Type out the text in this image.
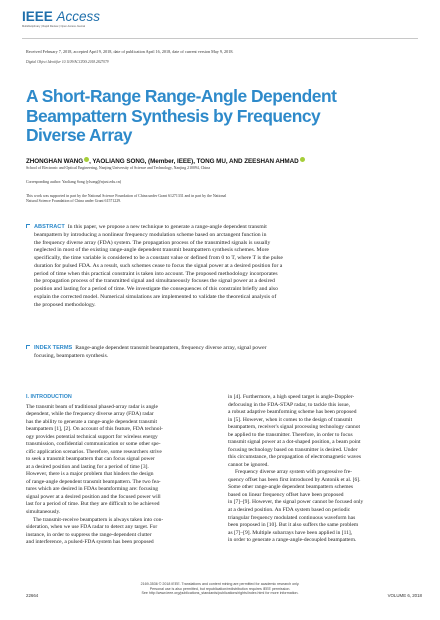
IEEE Access
Multidisciplinary | Rapid Review | Open Access Journal
Received February 7, 2018, accepted April 9, 2018, date of publication April 16, 2018, date of current version May 9, 2018.
Digital Object Identifier 10.1109/ACCESS.2018.2827079
A Short-Range Range-Angle Dependent
Beampattern Synthesis by Frequency
Diverse Array
ZHONGHAN WANG , YAOLIANG SONG, (Member, IEEE), TONG MU, AND ZEESHAN AHMAD
School of Electronic and Optical Engineering, Nanjing University of Science and Technology, Nanjing 210094, China
Corresponding author: Yaoliang Song (ylsong@njust.edu.cn)
This work was supported in part by the National Science Foundation of China under Grant 61271331 and in part by the National
Natural Science Foundation of China under Grant 61571229.
ABSTRACT In this paper, we propose a new technique to generate a range-angle dependent transmit
beampattern by introducing a nonlinear frequency modulation scheme based on arctangent function in
the frequency diverse array (FDA) system. The propagation process of the transmitted signals is usually
neglected in most of the existing range-angle dependent transmit beampattern synthesis schemes. More
specifically, the time variable is considered to be a constant value or defined from 0 to T, where T is the pulse
duration for pulsed FDA. As a result, such schemes cease to focus the signal power at a desired position for a
period of time when this practical constraint is taken into account. The proposed methodology incorporates
the propagation process of the transmitted signal and simultaneously focuses the signal power at a desired
position and lasting for a period of time. We investigate the consequences of this constraint briefly and also
explain the corrected model. Numerical simulations are implemented to validate the theoretical analysis of
the proposed methodology.
INDEX TERMS Range-angle dependent transmit beampattern, frequency diverse array, signal power
focusing, beampattern synthesis.
I. INTRODUCTION
The transmit beam of traditional phased-array radar is angle
dependent, while the frequency diverse array (FDA) radar
has the ability to generate a range-angle dependent transmit
beampattern [1], [2]. On account of this feature, FDA technol-
ogy provides potential technical support for wireless energy
transmission, confidential communication or some other spe-
cific application scenarios. Therefore, some researchers strive
to seek a transmit beampattern that can focus signal power
at a desired position and lasting for a period of time [3].
However, there is a major problem that hinders the design
of range-angle dependent transmit beampattern. The two fea-
tures which are desired in FDAs beamforming are: focusing
signal power at a desired position and the focused power will
last for a period of time. But they are difficult to be achieved
simultaneously.
The transmit-receive beampattern is always taken into con-
sideration, when we use FDA radar to detect any target. For
instance, in order to suppress the range-dependent clutter
and interference, a pulsed-FDA system has been proposed
in [4]. Furthermore, a high speed target is angle-Doppler-
defocusing in the FDA-STAP radar, to tackle this issue,
a robust adaptive beamforming scheme has been proposed
in [5]. However, when it comes to the design of transmit
beampattern, receiver's signal processing technology cannot
be applied to the transmitter. Therefore, in order to focus
transmit signal power at a dot-shaped position, a beam point
focusing technology based on transmitter is desired. Under
this circumstance, the propagation of electromagnetic waves
cannot be ignored.
Frequency diverse array system with progressive fre-
quency offset has been first introduced by Antonik et al. [6].
Some other range-angle dependent beampattern schemes
based on linear frequency offset have been proposed
in [7]–[9]. However, the signal power cannot be focused only
at a desired position. An FDA system based on periodic
triangular frequency modulated continuous waveform has
been proposed in [10]. But it also suffers the same problem
as [7]–[9]. Multiple subarrays have been applied in [11],
in order to generate a range-angle-decoupled beampattern.
22664
2169-3536 © 2018 IEEE. Translations and content mining are permitted for academic research only.
Personal use is also permitted, but republication/redistribution requires IEEE permission.
See http://www.ieee.org/publications_standards/publications/rights/index.html for more information.	VOLUME 6, 2018
